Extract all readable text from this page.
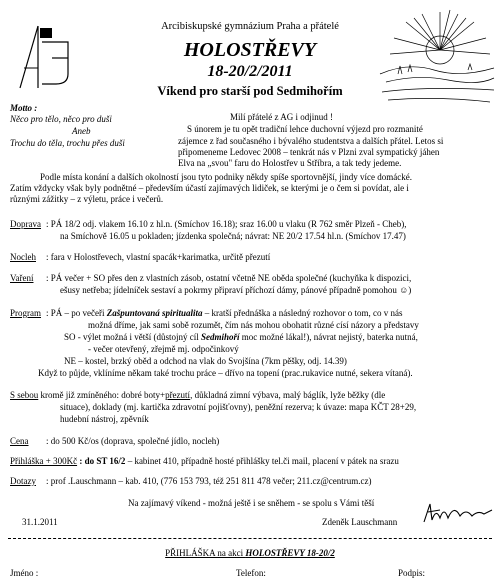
Arcibiskupské gymnázium Praha a přátelé
HOLOSTŘEVY
18-20/2/2011
Víkend pro starší pod Sedmihořím
Motto :
Něco pro tělo, něco pro duši
Aneb
Trochu do těla, trochu přes duši
Milí přátelé z AG i odjinud !
S únorem je tu opět tradiční lehce duchovní výjezd pro rozmanité
zájemce z řad současného i bývalého studentstva a dalších přátel. Letos si
připomeneme Ledovec 2008 – tenkrát nás v Plzni zval sympatický jáhen
Elva na „svou" faru do Holostřev u Stříbra, a tak tedy jedeme.
Podle místa konání a dalších okolností jsou tyto podniky někdy spíše sportovnější, jindy více domácké.
Zatím vždycky však byly podnětné – především účastí zajímavých lidiček, se kterými je o čem si povídat, ale i
různými zážitky – z výletu, práce i večerů.
Doprava : PÁ 18/2 odj. vlakem 16.10 z hl.n. (Smíchov 16.18); sraz 16.00 u vlaku (R 762 směr Plzeň - Cheb),
na Smíchově 16.05 u pokladen; jízdenka společná; návrat: NE 20/2 17.54 hl.n. (Smíchov 17.47)
Nocleh : fara v Holostřevech, vlastní spacák+karimatka, určitě přezutí
Vaření : PÁ večer + SO přes den z vlastních zásob, ostatní včetně NE oběda společné (kuchyňka k dispozici,
ešusy netřeba; jídelníček sestaví a pokrmy připraví příchozí dámy, pánové případně pomohou ☺)
Program : PÁ – po večeři Zašpuntovaná spiritualita – kratší přednáška a následný rozhovor o tom, co v nás
možná dříme, jak sami sobě rozumět, čím nás mohou obohatit různé císí názory a představy
SO - výlet možná i větší (důstojný cíl Sedmihoří moc možné lákal!), návrat nejistý, baterka nutná,
- večer otevřený, zřejmě mj. odpočinkový
NE – kostel, brzký oběd a odchod na vlak do Svojšína (7km pěšky, odj. 14.39)
Když to půjde, vklíníme někam také trochu práce – dřívo na topení (prac.rukavice nutné, sekera vítaná).
S sebou kromě již zmíněného: dobré boty+přezutí, důkladná zimní výbava, malý báglík, lyže běžky (dle
situace), doklady (mj. kartička zdravotní pojišťovny), peněžní rezerva; k úvaze: mapa KČT 28+29,
hudební nástroj, zpěvník
Cena : do 500 Kč/os (doprava, společné jídlo, nocleh)
Přihláška + 300Kč : do ST 16/2 – kabinet 410, případně hosté přihlášky tel.či mail, placení v pátek na srazu
Dotazy : prof .Lauschmann – kab. 410, (776 153 793, též 251 811 478 večer; 211.cz@centrum.cz)
Na zajímavý víkend - možná ještě i se sněhem - se spolu s Vámi těší
31.1.2011	Zdeněk Lauschmann
PŘIHLÁŠKA na akci HOLOSTŘEVY 18-20/2
Jméno :	Telefon:	Podpis:
